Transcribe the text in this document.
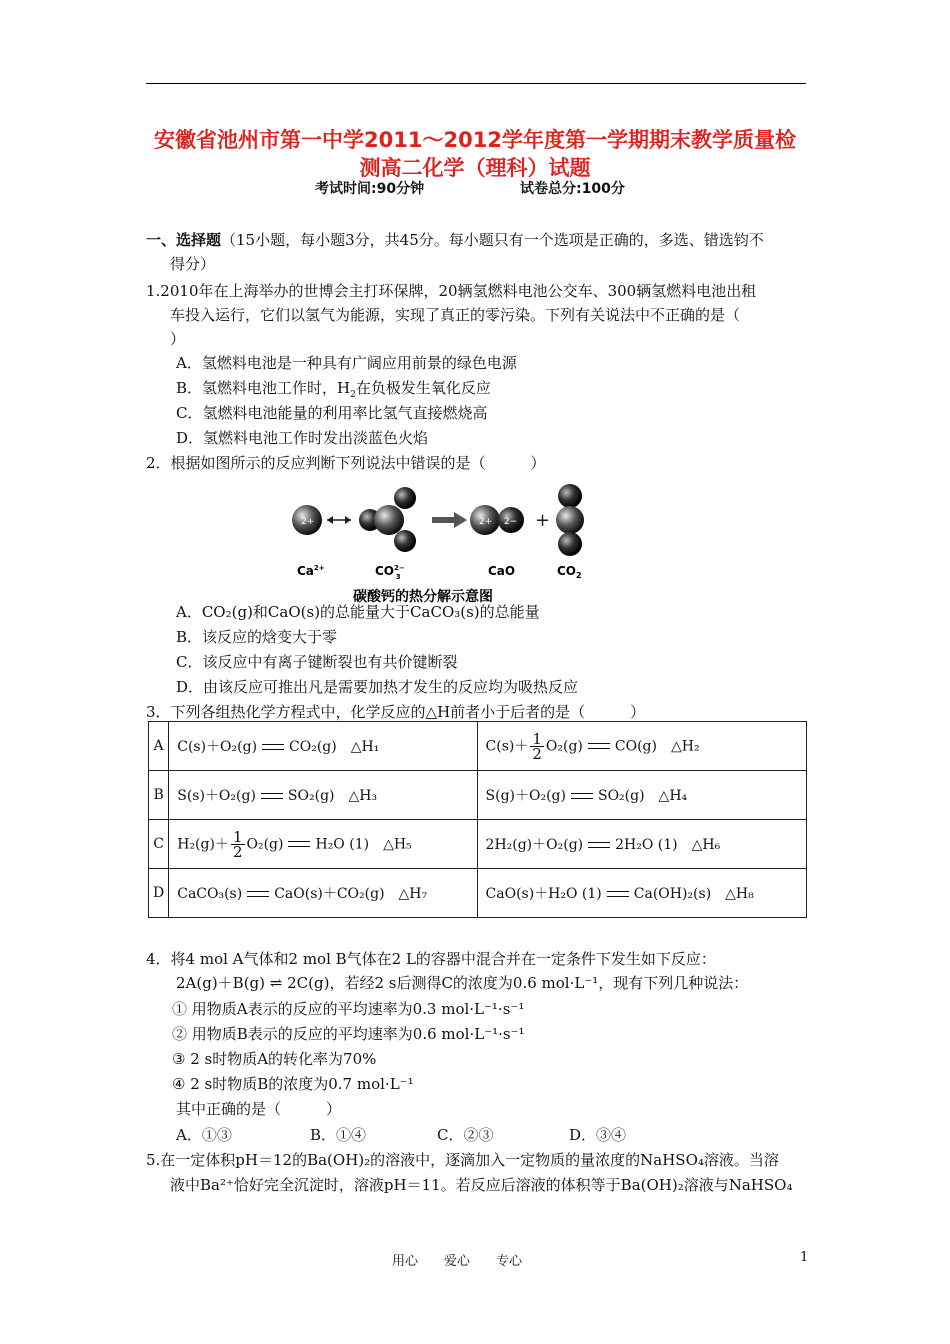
安徽省池州市第一中学2011～2012学年度第一学期期末教学质量检
测高二化学（理科）试题
考试时间:90分钟	试卷总分:100分
一、选择题（15小题，每小题3分，共45分。每小题只有一个选项是正确的，多选、错选钧不
得分）
1.2010年在上海举办的世博会主打环保牌，20辆氢燃料电池公交车、300辆氢燃料电池出租
车投入运行，它们以氢气为能源，实现了真正的零污染。下列有关说法中不正确的是（
）
A．氢燃料电池是一种具有广阔应用前景的绿色电源
B．氢燃料电池工作时，$H_2$在负极发生氧化反应
C．氢燃料电池能量的利用率比氢气直接燃烧高
D．氢燃料电池工作时发出淡蓝色火焰
2．根据如图所示的反应判断下列说法中错误的是（　　　）
2+	2+ 2− +
$Ca^{2+}$	$CO^{2-}$ 3	CaO	$CO_2$
碳酸钙的热分解示意图
A．CO₂(g)和CaO(s)的总能量大于CaCO₃(s)的总能量
B．该反应的焓变大于零
C．该反应中有离子键断裂也有共价键断裂
D．由该反应可推出凡是需要加热才发生的反应均为吸热反应
3．下列各组热化学方程式中，化学反应的△H前者小于后者的是（　　　）
A	C(s)＋O₂(g) CO₂(g)　△H₁	$C(s)+ \frac{1}{2} O_2(g)$ CO(g)　△H₂
B	S(s)＋O₂(g) SO₂(g)　△H₃	S(g)＋O₂(g) SO₂(g)　△H₄
C	$H_2(g)+ \frac{1}{2} O_2(g)$ H₂O (1)　△H₅	2H₂(g)＋O₂(g) 2H₂O (1)　△H₆
D	CaCO₃(s) CaO(s)＋CO₂(g)　△H₇	CaO(s)＋H₂O (1) Ca(OH)₂(s)　△H₈
4．将4 mol A气体和2 mol B气体在2 L的容器中混合并在一定条件下发生如下反应：
2A(g)＋B(g) ⇌ 2C(g)，若经2 s后测得C的浓度为0.6 mol·L⁻¹，现有下列几种说法：
① 用物质A表示的反应的平均速率为0.3 mol·L⁻¹·s⁻¹
② 用物质B表示的反应的平均速率为0.6 mol·L⁻¹·s⁻¹
③ 2 s时物质A的转化率为70%
④ 2 s时物质B的浓度为0.7 mol·L⁻¹
其中正确的是（　　　）
A．①③	B．①④	C．②③	D．③④
5.在一定体积pH＝12的Ba(OH)₂的溶液中，逐滴加入一定物质的量浓度的NaHSO₄溶液。当溶
液中Ba²⁺恰好完全沉淀时，溶液pH＝11。若反应后溶液的体积等于Ba(OH)₂溶液与NaHSO₄
用心　　爱心　　专心	1
